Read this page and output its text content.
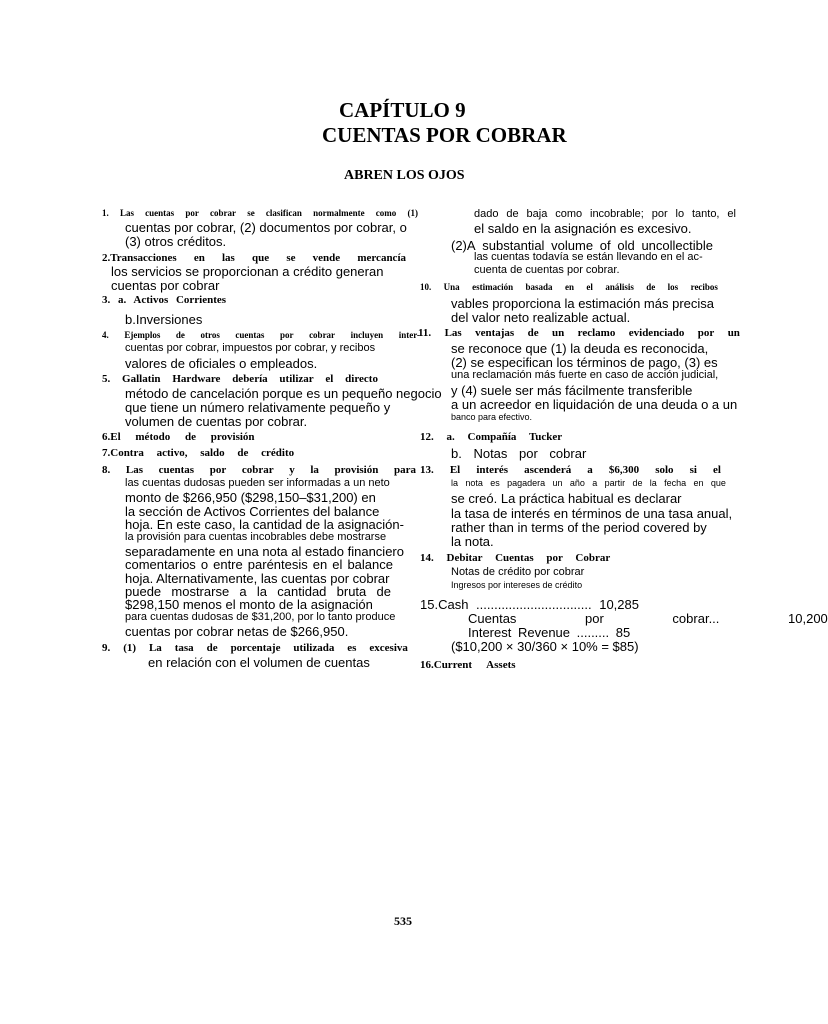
CAPÍTULO 9
CUENTAS POR COBRAR
ABREN LOS OJOS
1. Las cuentas por cobrar se clasifican normalmente como (1)
cuentas por cobrar, (2) documentos por cobrar, o
(3) otros créditos.
2.Transacciones en las que se vende mercancía
los servicios se proporcionan a crédito generan
cuentas por cobrar
3. a. Activos Corrientes
b.Inversiones
4. Ejemplos de otros cuentas por cobrar incluyen inter-
cuentas por cobrar, impuestos por cobrar, y recibos
valores de oficiales o empleados.
5. Gallatin Hardware debería utilizar el directo
método de cancelación porque es un pequeño negocio
que tiene un número relativamente pequeño y
volumen de cuentas por cobrar.
6.El método de provisión
7.Contra activo, saldo de crédito
8. Las cuentas por cobrar y la provisión para
las cuentas dudosas pueden ser informadas a un neto
monto de $266,950 ($298,150–$31,200) en
la sección de Activos Corrientes del balance
hoja. En este caso, la cantidad de la asignación-
la provisión para cuentas incobrables debe mostrarse
separadamente en una nota al estado financiero
comentarios o entre paréntesis en el balance
hoja. Alternativamente, las cuentas por cobrar
puede mostrarse a la cantidad bruta de
$298,150 menos el monto de la asignación
para cuentas dudosas de $31,200, por lo tanto produce
cuentas por cobrar netas de $266,950.
9. (1) La tasa de porcentaje utilizada es excesiva
en relación con el volumen de cuentas
dado de baja como incobrable; por lo tanto, el
el saldo en la asignación es excesivo.
(2)A substantial volume of old uncollectible
las cuentas todavía se están llevando en el ac-
cuenta de cuentas por cobrar.
10. Una estimación basada en el análisis de los recibos
vables proporciona la estimación más precisa
del valor neto realizable actual.
11. Las ventajas de un reclamo evidenciado por un
se reconoce que (1) la deuda es reconocida,
(2) se especifican los términos de pago, (3) es
una reclamación más fuerte en caso de acción judicial,
y (4) suele ser más fácilmente transferible
a un acreedor en liquidación de una deuda o a un
banco para efectivo.
12. a. Compañía Tucker
b. Notas por cobrar
13. El interés ascenderá a $6,300 solo si el
la nota es pagadera un año a partir de la fecha en que
se creó. La práctica habitual es declarar
la tasa de interés en términos de una tasa anual,
rather than in terms of the period covered by
la nota.
14. Debitar Cuentas por Cobrar
Notas de crédito por cobrar
Ingresos por intereses de crédito
15.Cash ................................ 10,285
Cuentas por cobrar... 10,200
Interest Revenue ......... 85
($10,200 × 30/360 × 10% = $85)
16.Current Assets
535
